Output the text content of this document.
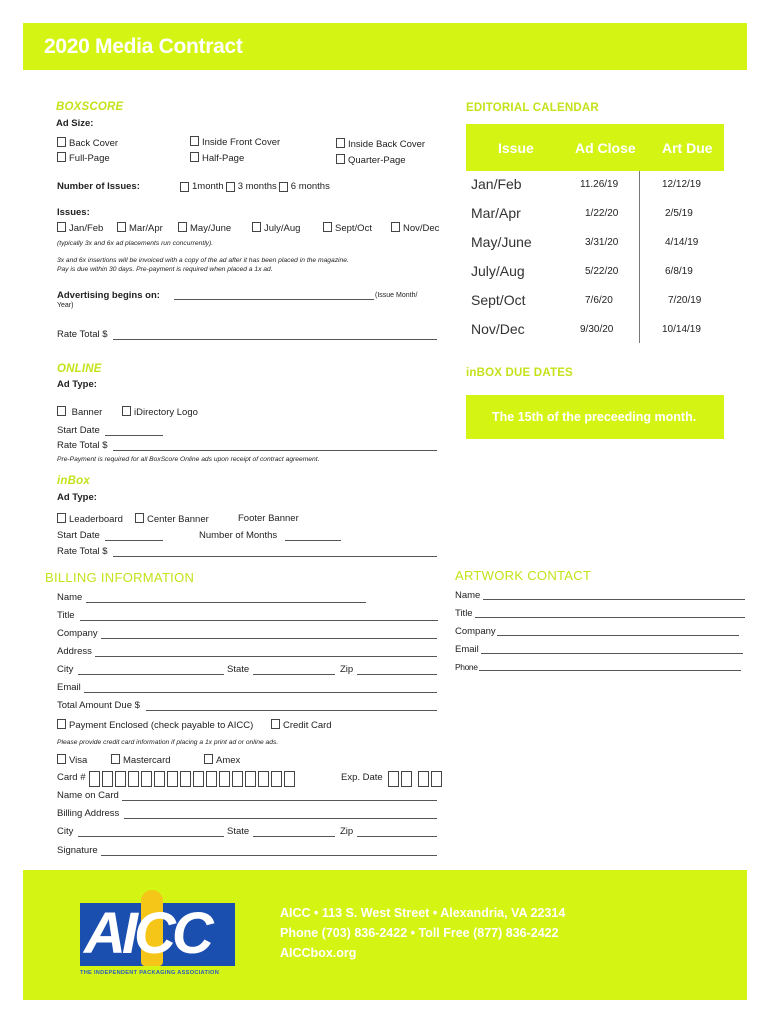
2020 Media Contract
BOXSCORE
Ad Size:
Back Cover	Inside Front Cover	Inside Back Cover
Full-Page	Half-Page	Quarter-Page
Number of Issues:	1month 3 months 6 months
Issues:
Jan/Feb	Mar/Apr	May/June	July/Aug	Sept/Oct	Nov/Dec
(typically 3x and 6x ad placements run concurrently).
3x and 6x insertions will be invoiced with a copy of the ad after it has been placed in the magazine.
Pay is due within 30 days. Pre-payment is required when placed a 1x ad.
Advertising begins on:	(Issue Month/
Year)
Rate Total $
ONLINE
Ad Type:
Banner	iDirectory Logo
Start Date
Rate Total $
Pre-Payment is required for all BoxScore Online ads upon receipt of contract agreement.
inBox
Ad Type:
Leaderboard	Center Banner	Footer Banner
Start Date	Number of Months
Rate Total $
BILLING INFORMATION
Name
Title
Company
Address
City	State	Zip
Email
Total Amount Due $
Payment Enclosed (check payable to AICC)	Credit Card
Please provide credit card information if placing a 1x print ad or online ads.
Visa	Mastercard	Amex
Card #	Exp. Date

Name on Card
Billing Address
City	State	Zip
Signature
EDITORIAL CALENDAR
Issue	Ad Close Art Due
Jan/Feb	11.26/19	12/12/19
Mar/Apr	1/22/20	2/5/19
May/June	3/31/20	4/14/19
July/Aug	5/22/20	6/8/19
Sept/Oct	7/6/20	7/20/19
Nov/Dec	9/30/20	10/14/19
inBOX DUE DATES
The 15th of the preceeding month.
ARTWORK CONTACT
Name
Title
Company
Email
Phone
AICC
THE INDEPENDENT PACKAGING ASSOCIATION
AICC • 113 S. West Street • Alexandria, VA 22314
Phone (703) 836-2422 • Toll Free (877) 836-2422
AICCbox.org
